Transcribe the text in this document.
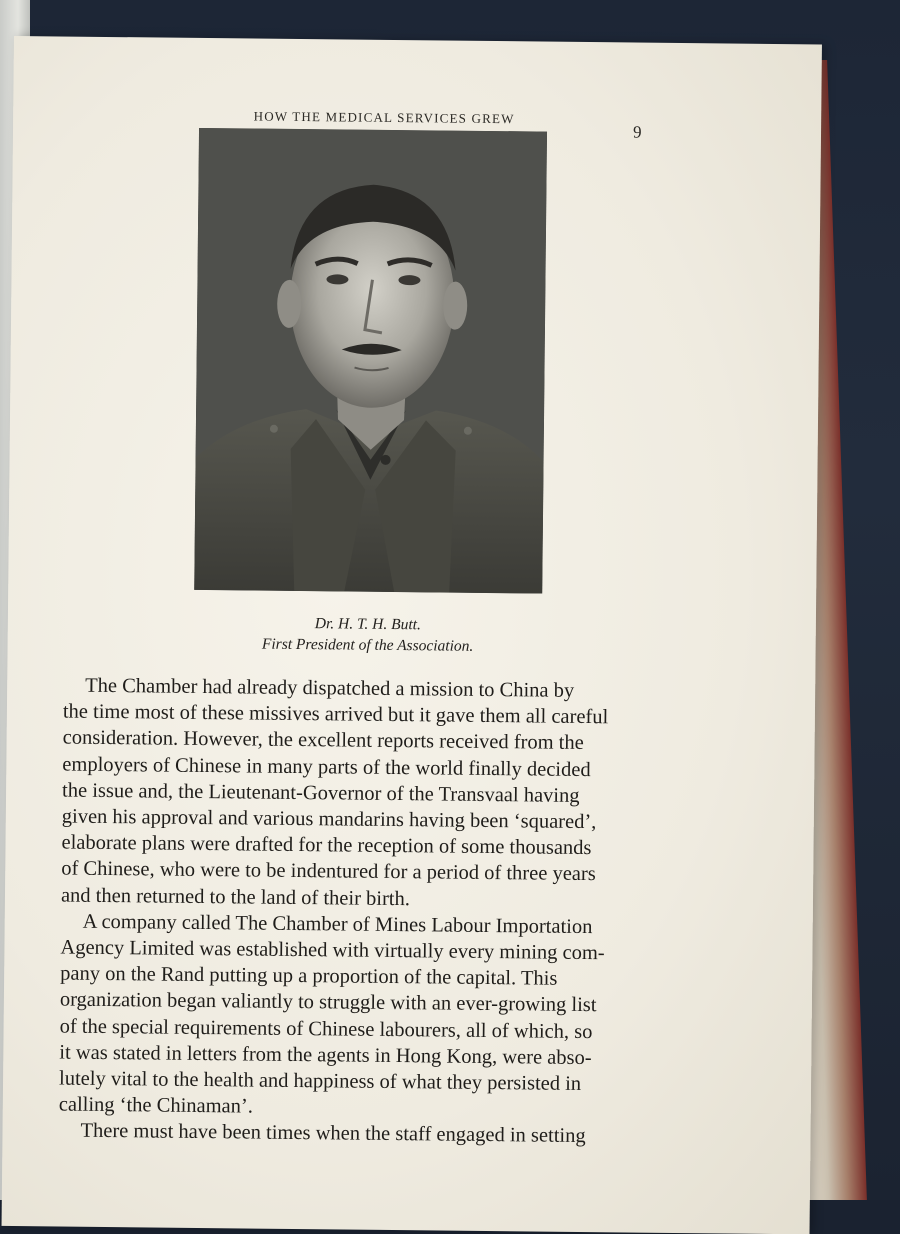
HOW THE MEDICAL SERVICES GREW
9
Dr. H. T. H. Butt.
First President of the Association.
The Chamber had already dispatched a mission to China by
the time most of these missives arrived but it gave them all careful
consideration. However, the excellent reports received from the
employers of Chinese in many parts of the world finally decided
the issue and, the Lieutenant-Governor of the Transvaal having
given his approval and various mandarins having been ‘squared’,
elaborate plans were drafted for the reception of some thousands
of Chinese, who were to be indentured for a period of three years
and then returned to the land of their birth.
A company called The Chamber of Mines Labour Importation
Agency Limited was established with virtually every mining com-
pany on the Rand putting up a proportion of the capital. This
organization began valiantly to struggle with an ever-growing list
of the special requirements of Chinese labourers, all of which, so
it was stated in letters from the agents in Hong Kong, were abso-
lutely vital to the health and happiness of what they persisted in
calling ‘the Chinaman’.
There must have been times when the staff engaged in setting
